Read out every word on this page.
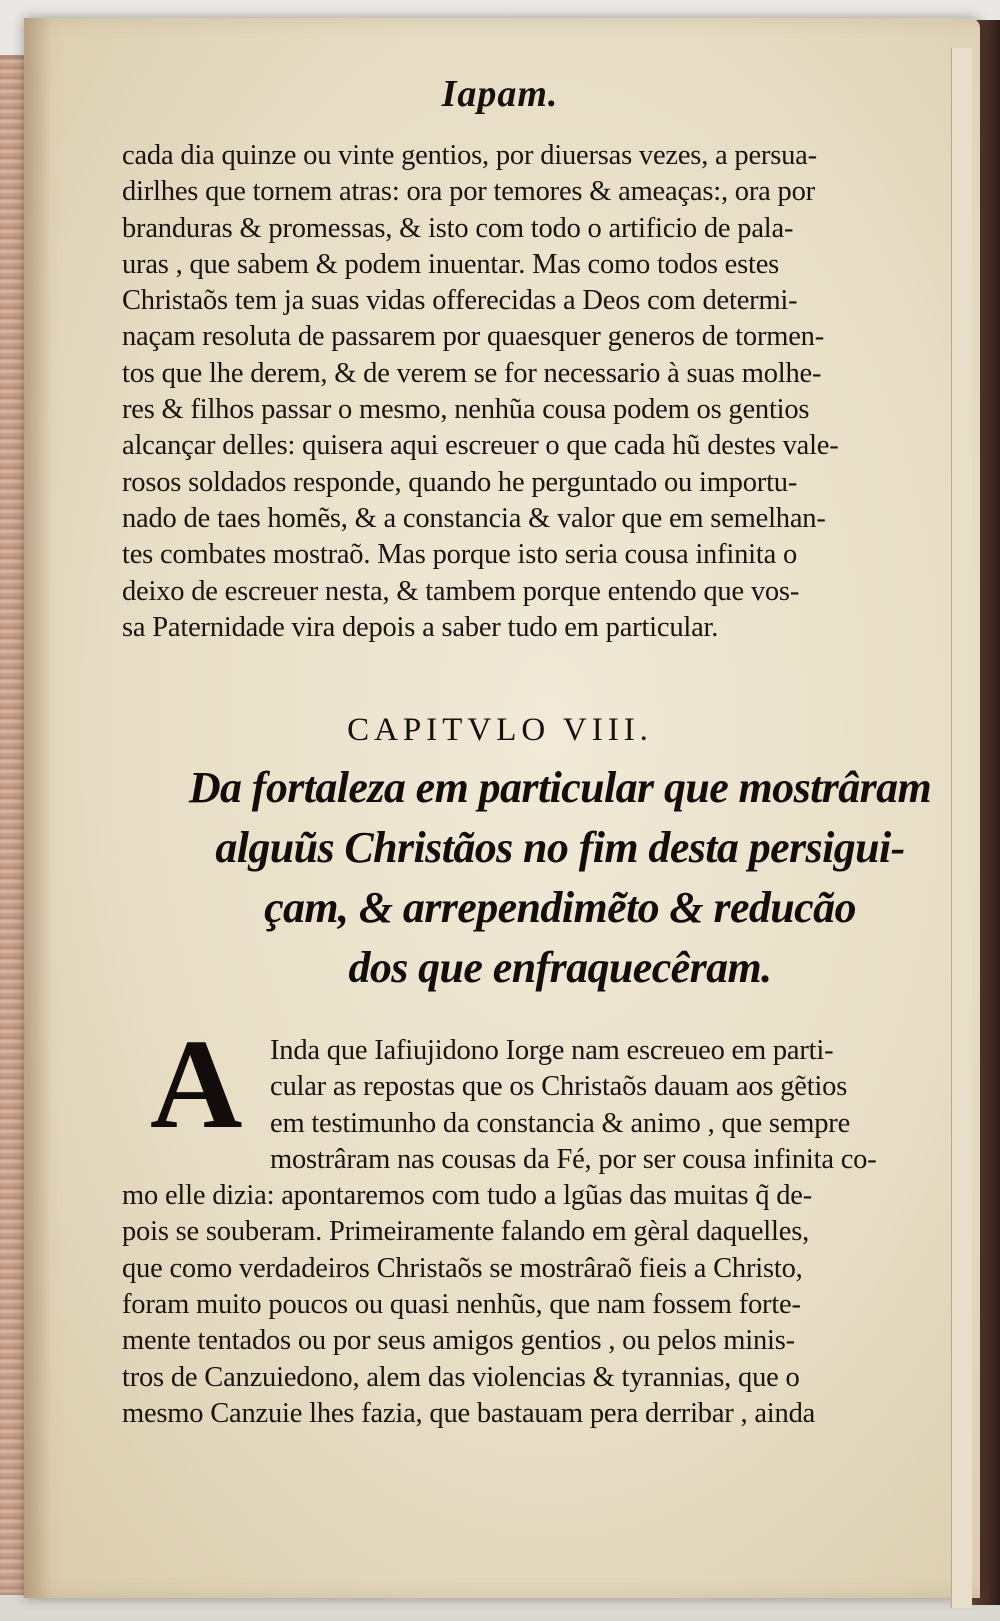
Iapam.
cada dia quinze ou vinte gentios, por diuersas vezes, a persua-
dirlhes que tornem atras: ora por temores & ameaças:, ora por
branduras & promessas, & isto com todo o artificio de pala-
uras , que sabem & podem inuentar. Mas como todos estes
Christaõs tem ja suas vidas offerecidas a Deos com determi-
naçam resoluta de passarem por quaesquer generos de tormen-
tos que lhe derem, & de verem se for necessario à suas molhe-
res & filhos passar o mesmo, nenhũa cousa podem os gentios
alcançar delles: quisera aqui escreuer o que cada hũ destes vale-
rosos soldados responde, quando he perguntado ou importu-
nado de taes homẽs, & a constancia & valor que em semelhan-
tes combates mostraõ. Mas porque isto seria cousa infinita o
deixo de escreuer nesta, & tambem porque entendo que vos-
sa Paternidade vira depois a saber tudo em particular.
CAPITVLO VIII.
Da fortaleza em particular que mostrâram
alguũs Christãos no fim desta persigui-
çam, & arrependimẽto & reducão
dos que enfraquecêram.
A Inda que Iafiujidono Iorge nam escreueo em parti-
cular as repostas que os Christaõs dauam aos gẽtios
em testimunho da constancia & animo , que sempre
mostrâram nas cousas da Fé, por ser cousa infinita co-
mo elle dizia: apontaremos com tudo a lgũas das muitas q̃ de-
pois se souberam. Primeiramente falando em gèral daquelles,
que como verdadeiros Christaõs se mostrâraõ fieis a Christo,
foram muito poucos ou quasi nenhũs, que nam fossem forte-
mente tentados ou por seus amigos gentios , ou pelos minis-
tros de Canzuiedono, alem das violencias & tyrannias, que o
mesmo Canzuie lhes fazia, que bastauam pera derribar , ainda
